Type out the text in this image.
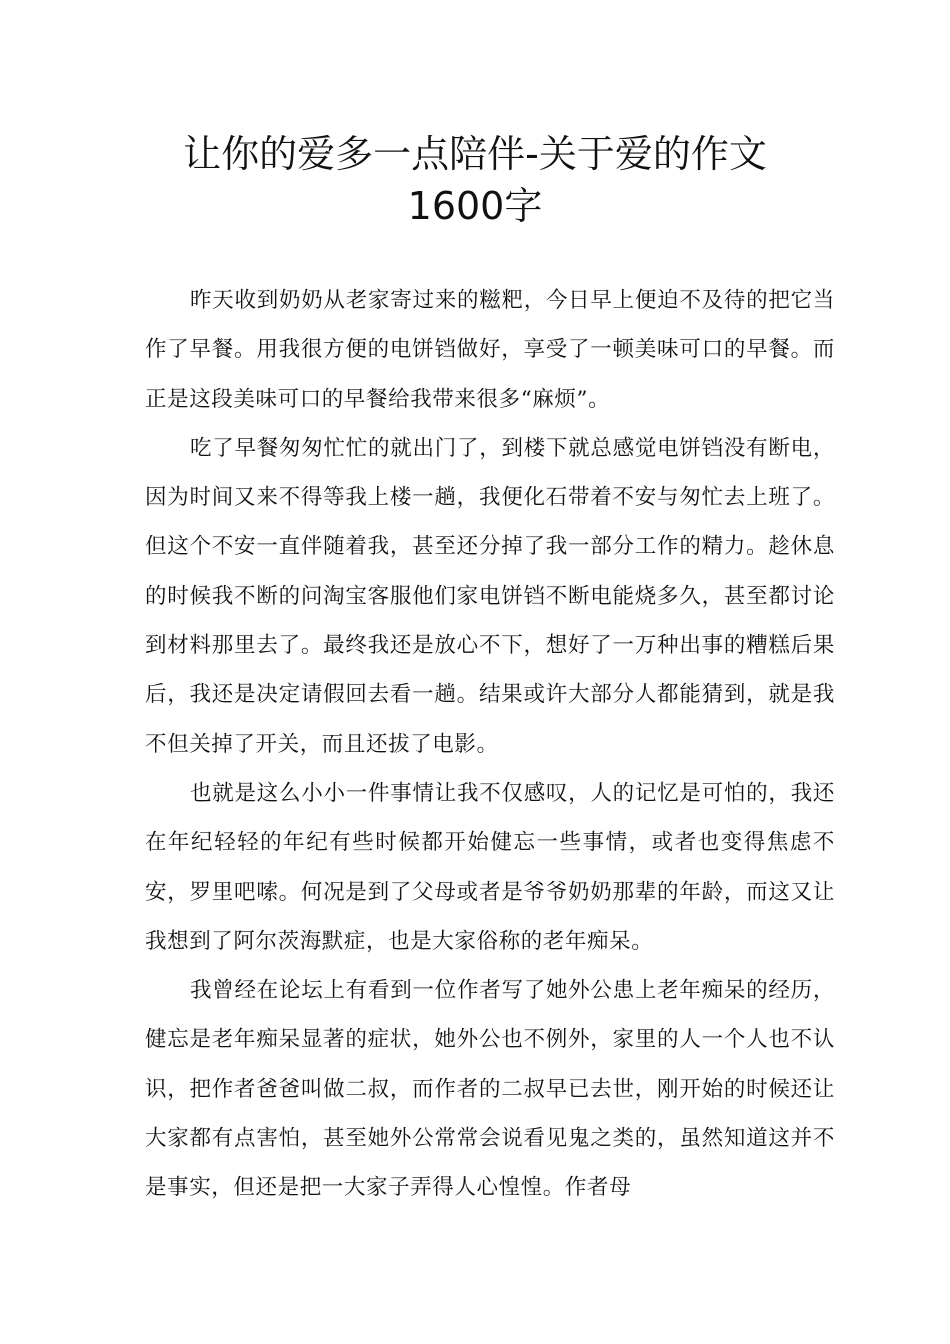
让你的爱多一点陪伴-关于爱的作文
1600字

昨天收到奶奶从老家寄过来的糍粑，今日早上便迫不及待的把它当作了早餐。用我很方便的电饼铛做好，享受了一顿美味可口的早餐。而正是这段美味可口的早餐给我带来很多“麻烦”。

吃了早餐匆匆忙忙的就出门了，到楼下就总感觉电饼铛没有断电，因为时间又来不得等我上楼一趟，我便化石带着不安与匆忙去上班了。但这个不安一直伴随着我，甚至还分掉了我一部分工作的精力。趁休息的时候我不断的问淘宝客服他们家电饼铛不断电能烧多久，甚至都讨论到材料那里去了。最终我还是放心不下，想好了一万种出事的糟糕后果后，我还是决定请假回去看一趟。结果或许大部分人都能猜到，就是我不但关掉了开关，而且还拔了电影。

也就是这么小小一件事情让我不仅感叹，人的记忆是可怕的，我还在年纪轻轻的年纪有些时候都开始健忘一些事情，或者也变得焦虑不安，罗里吧嗦。何况是到了父母或者是爷爷奶奶那辈的年龄，而这又让我想到了阿尔茨海默症，也是大家俗称的老年痴呆。

我曾经在论坛上有看到一位作者写了她外公患上老年痴呆的经历，健忘是老年痴呆显著的症状，她外公也不例外，家里的人一个人也不认识，把作者爸爸叫做二叔，而作者的二叔早已去世，刚开始的时候还让大家都有点害怕，甚至她外公常常会说看见鬼之类的，虽然知道这并不是事实，但还是把一大家子弄得人心惶惶。作者母
